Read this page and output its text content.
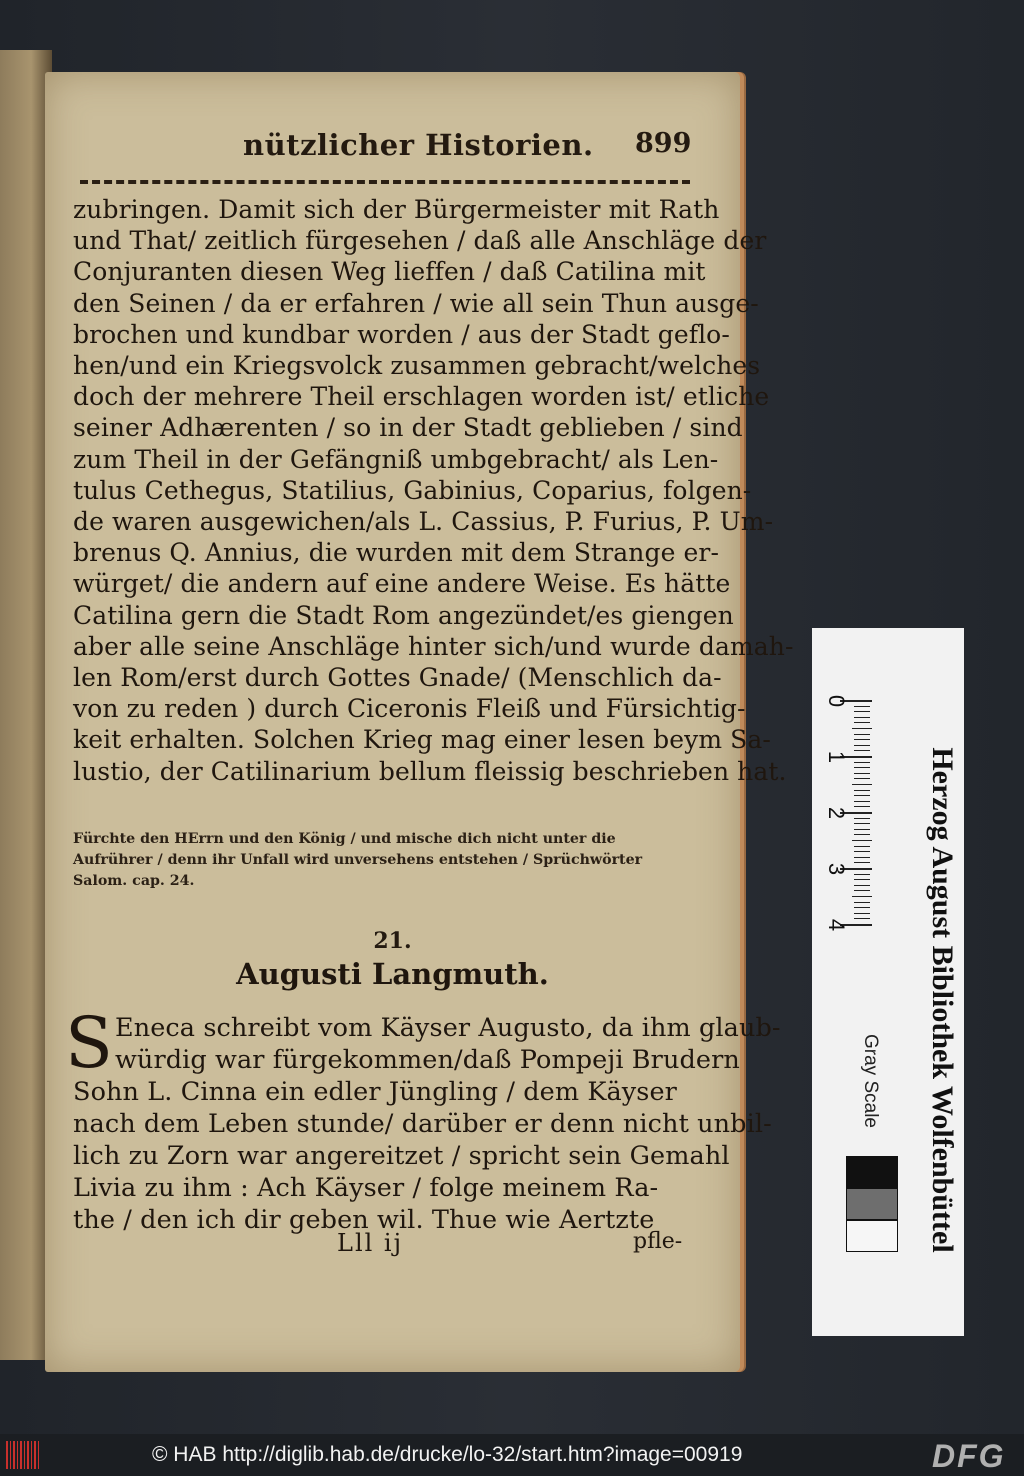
nützlicher Historien. 899
zubringen. Damit sich der Bürgermeister mit Rath
und That/ zeitlich fürgesehen / daß alle Anschläge der
Conjuranten diesen Weg lieffen / daß Catilina mit
den Seinen / da er erfahren / wie all sein Thun ausge-
brochen und kundbar worden / aus der Stadt geflo-
hen/und ein Kriegsvolck zusammen gebracht/welches
doch der mehrere Theil erschlagen worden ist/ etliche
seiner Adhærenten / so in der Stadt geblieben / sind
zum Theil in der Gefängniß umbgebracht/ als Len-
tulus Cethegus, Statilius, Gabinius, Coparius, folgen-
de waren ausgewichen/als L. Cassius, P. Furius, P. Um-
brenus Q. Annius, die wurden mit dem Strange er-
würget/ die andern auf eine andere Weise. Es hätte
Catilina gern die Stadt Rom angezündet/es giengen
aber alle seine Anschläge hinter sich/und wurde damah-
len Rom/erst durch Gottes Gnade/ (Menschlich da-
von zu reden ) durch Ciceronis Fleiß und Fürsichtig-
keit erhalten. Solchen Krieg mag einer lesen beym Sa-
lustio, der Catilinarium bellum fleissig beschrieben hat.
Fürchte den HErrn und den König / und mische dich nicht unter die
Aufrührer / denn ihr Unfall wird unversehens entstehen / Sprüchwörter
Salom. cap. 24.
21.
Augusti Langmuth.
S Eneca schreibt vom Käyser Augusto, da ihm glaub-
würdig war fürgekommen/daß Pompeji Brudern
Sohn L. Cinna ein edler Jüngling / dem Käyser
nach dem Leben stunde/ darüber er denn nicht unbil-
lich zu Zorn war angereitzet / spricht sein Gemahl
Livia zu ihm : Ach Käyser / folge meinem Ra-
the / den ich dir geben wil. Thue wie Aertzte
Lll ij	pfle-
0
1
2
3
4	Herzog August Bibliothek Wolfenbüttel
Gray Scale
© HAB http://diglib.hab.de/drucke/lo-32/start.htm?image=00919	DFG
